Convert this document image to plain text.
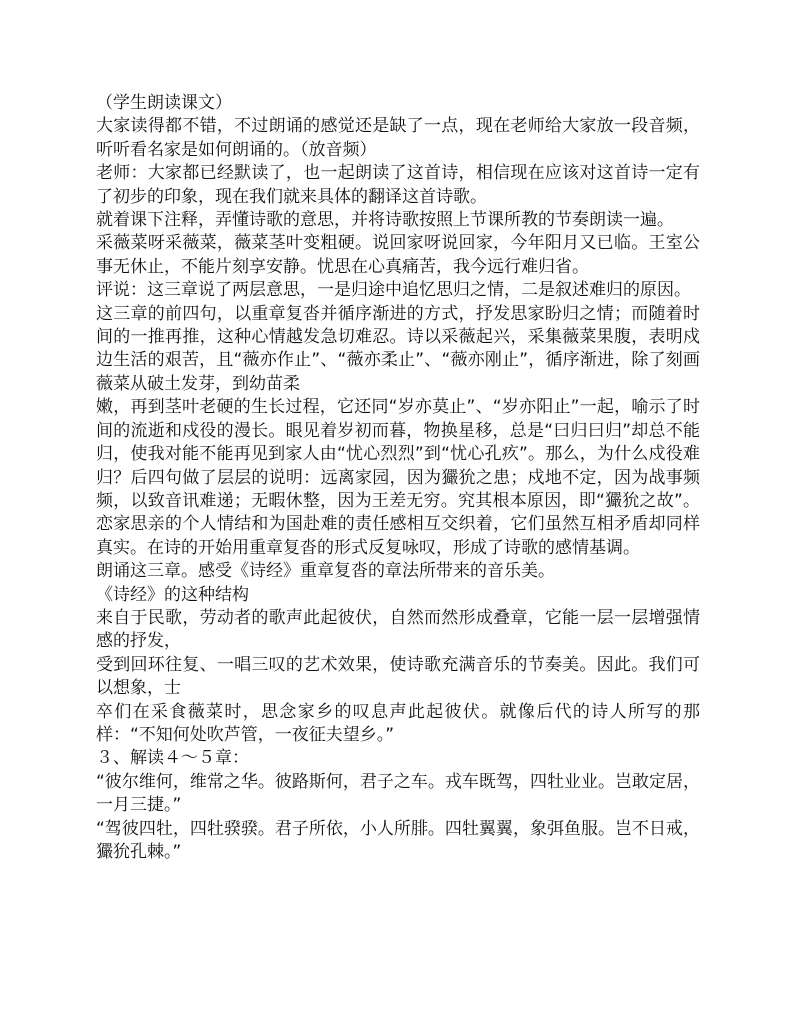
（学生朗读课文）

大家读得都不错，不过朗诵的感觉还是缺了一点，现在老师给大家放一段音频，听听看名家是如何朗诵的。（放音频）

老师：大家都已经默读了，也一起朗读了这首诗，相信现在应该对这首诗一定有了初步的印象，现在我们就来具体的翻译这首诗歌。

就着课下注释，弄懂诗歌的意思，并将诗歌按照上节课所教的节奏朗读一遍。

采薇菜呀采薇菜，薇菜茎叶变粗硬。说回家呀说回家，今年阳月又已临。王室公事无休止，不能片刻享安静。忧思在心真痛苦，我今远行难归省。

评说：这三章说了两层意思，一是归途中追忆思归之情，二是叙述难归的原因。

这三章的前四句，以重章复沓并循序渐进的方式，抒发思家盼归之情；而随着时间的一推再推，这种心情越发急切难忍。诗以采薇起兴，采集薇菜果腹，表明戍边生活的艰苦，且“薇亦作止”、“薇亦柔止”、“薇亦刚止”，循序渐进，除了刻画薇菜从破土发芽，到幼苗柔

嫩，再到茎叶老硬的生长过程，它还同“岁亦莫止”、“岁亦阳止”一起，喻示了时间的流逝和戍役的漫长。眼见着岁初而暮，物换星移，总是“曰归曰归”却总不能归，使我对能不能再见到家人由“忧心烈烈”到“忧心孔疚”。那么，为什么戍役难归？后四句做了层层的说明：远离家园，因为玁狁之患；戍地不定，因为战事频频，以致音讯难递；无暇休整，因为王差无穷。究其根本原因，即“玁狁之故”。恋家思亲的个人情结和为国赴难的责任感相互交织着，它们虽然互相矛盾却同样真实。在诗的开始用重章复沓的形式反复咏叹，形成了诗歌的感情基调。

朗诵这三章。感受《诗经》重章复沓的章法所带来的音乐美。

《诗经》的这种结构

来自于民歌，劳动者的歌声此起彼伏，自然而然形成叠章，它能一层一层增强情感的抒发，

受到回环往复、一唱三叹的艺术效果，使诗歌充满音乐的节奏美。因此。我们可以想象，士

卒们在采食薇菜时，思念家乡的叹息声此起彼伏。就像后代的诗人所写的那样：“不知何处吹芦管，一夜征夫望乡。”

３、解读４～５章：

“彼尔维何，维常之华。彼路斯何，君子之车。戎车既驾，四牡业业。岂敢定居，一月三捷。”

“驾彼四牡，四牡骙骙。君子所依，小人所腓。四牡翼翼，象弭鱼服。岂不日戒，玁狁孔棘。”
